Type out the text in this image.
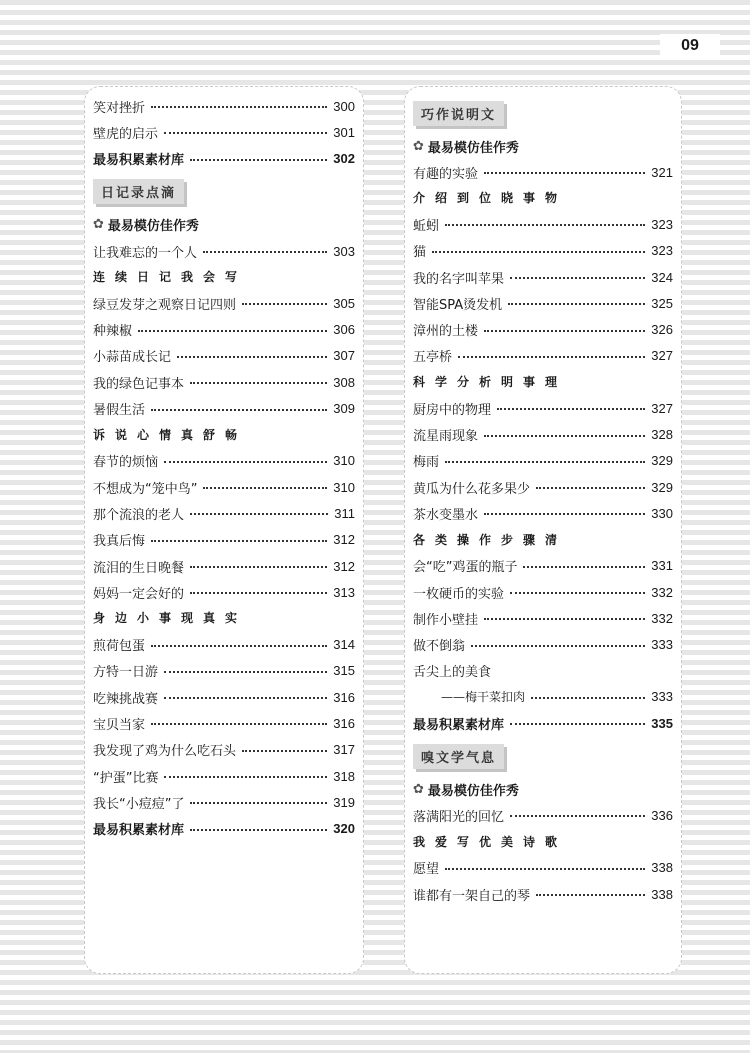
09
笑对挫折	300
壁虎的启示	301
最易积累素材库	302
日记录点滴
✿ 最易模仿佳作秀
让我难忘的一个人	303
连续日记我会写
绿豆发芽之观察日记四则	305
种辣椒	306
小蒜苗成长记	307
我的绿色记事本	308
暑假生活	309
诉说心情真舒畅
春节的烦恼	310
不想成为“笼中鸟”	310
那个流浪的老人	311
我真后悔	312
流泪的生日晚餐	312
妈妈一定会好的	313
身边小事现真实
煎荷包蛋	314
方特一日游	315
吃辣挑战赛	316
宝贝当家	316
我发现了鸡为什么吃石头	317
“护蛋”比赛	318
我长“小痘痘”了	319
最易积累素材库	320
巧作说明文
✿ 最易模仿佳作秀
有趣的实验	321
介绍到位晓事物
蚯蚓	323
猫	323
我的名字叫苹果	324
智能SPA烫发机	325
漳州的土楼	326
五亭桥	327
科学分析明事理
厨房中的物理	327
流星雨现象	328
梅雨	329
黄瓜为什么花多果少	329
茶水变墨水	330
各类操作步骤清
会“吃”鸡蛋的瓶子	331
一枚硬币的实验	332
制作小壁挂	332
做不倒翁	333
舌尖上的美食
——梅干菜扣肉	333
最易积累素材库	335
嗅文学气息
✿ 最易模仿佳作秀
落满阳光的回忆	336
我爱写优美诗歌
愿望	338
谁都有一架自己的琴	338
